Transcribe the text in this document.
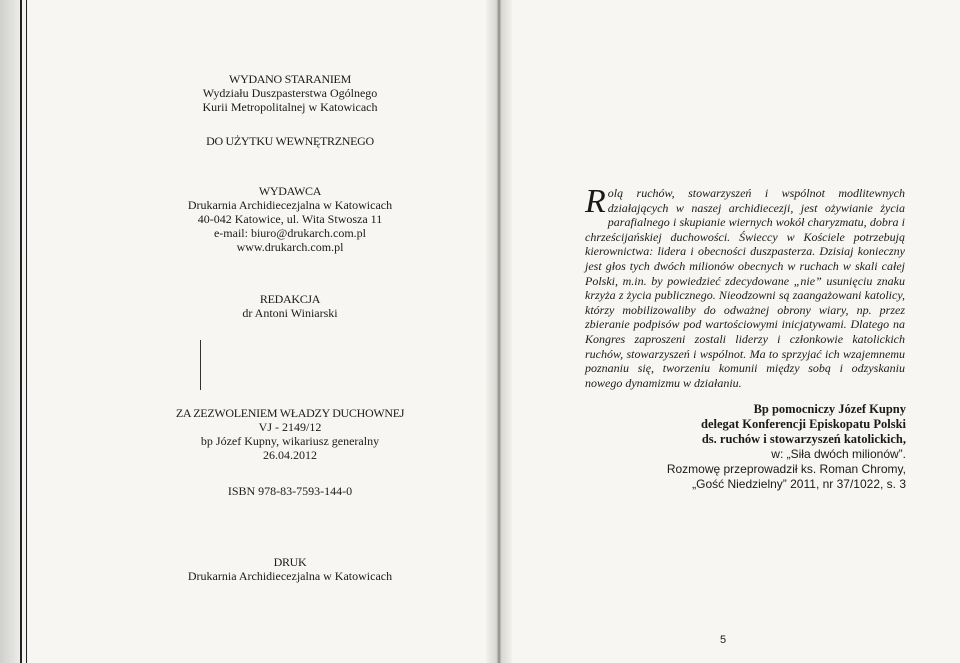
WYDANO STARANIEM
Wydziału Duszpasterstwa Ogólnego
Kurii Metropolitalnej w Katowicach
DO UŻYTKU WEWNĘTRZNEGO
WYDAWCA
Drukarnia Archidiecezjalna w Katowicach
40-042 Katowice, ul. Wita Stwosza 11
e-mail: biuro@drukarch.com.pl
www.drukarch.com.pl
REDAKCJA
dr Antoni Winiarski
ZA ZEZWOLENIEM WŁADZY DUCHOWNEJ
VJ - 2149/12
bp Józef Kupny, wikariusz generalny
26.04.2012
ISBN 978-83-7593-144-0
DRUK
Drukarnia Archidiecezjalna w Katowicach
R olą ruchów, stowarzyszeń i wspólnot modlitewnych działających w naszej archidiecezji, jest ożywianie życia parafialnego i skupianie wiernych wokół charyzmatu, dobra i chrześcijańskiej duchowości. Świeccy w Kościele potrzebują kierownictwa: lidera i obecności duszpasterza. Dzisiaj konieczny jest głos tych dwóch milionów obecnych w ruchach w skali całej Polski, m.in. by powiedzieć zdecydowane „nie” usunięciu znaku krzyża z życia publicznego. Nieodzowni są zaangażowani katolicy, którzy mobilizowaliby do odważnej obrony wiary, np. przez zbieranie podpisów pod wartościowymi inicjatywami. Dlatego na Kongres zaproszeni zostali liderzy i członkowie katolickich ruchów, stowarzyszeń i wspólnot. Ma to sprzyjać ich wzajemnemu poznaniu się, tworzeniu komunii między sobą i odzyskaniu nowego dynamizmu w działaniu.
Bp pomocniczy Józef Kupny
delegat Konferencji Episkopatu Polski
ds. ruchów i stowarzyszeń katolickich,
w: „Siła dwóch milionów”.
Rozmowę przeprowadził ks. Roman Chromy,
„Gość Niedzielny” 2011, nr 37/1022, s. 3
5
